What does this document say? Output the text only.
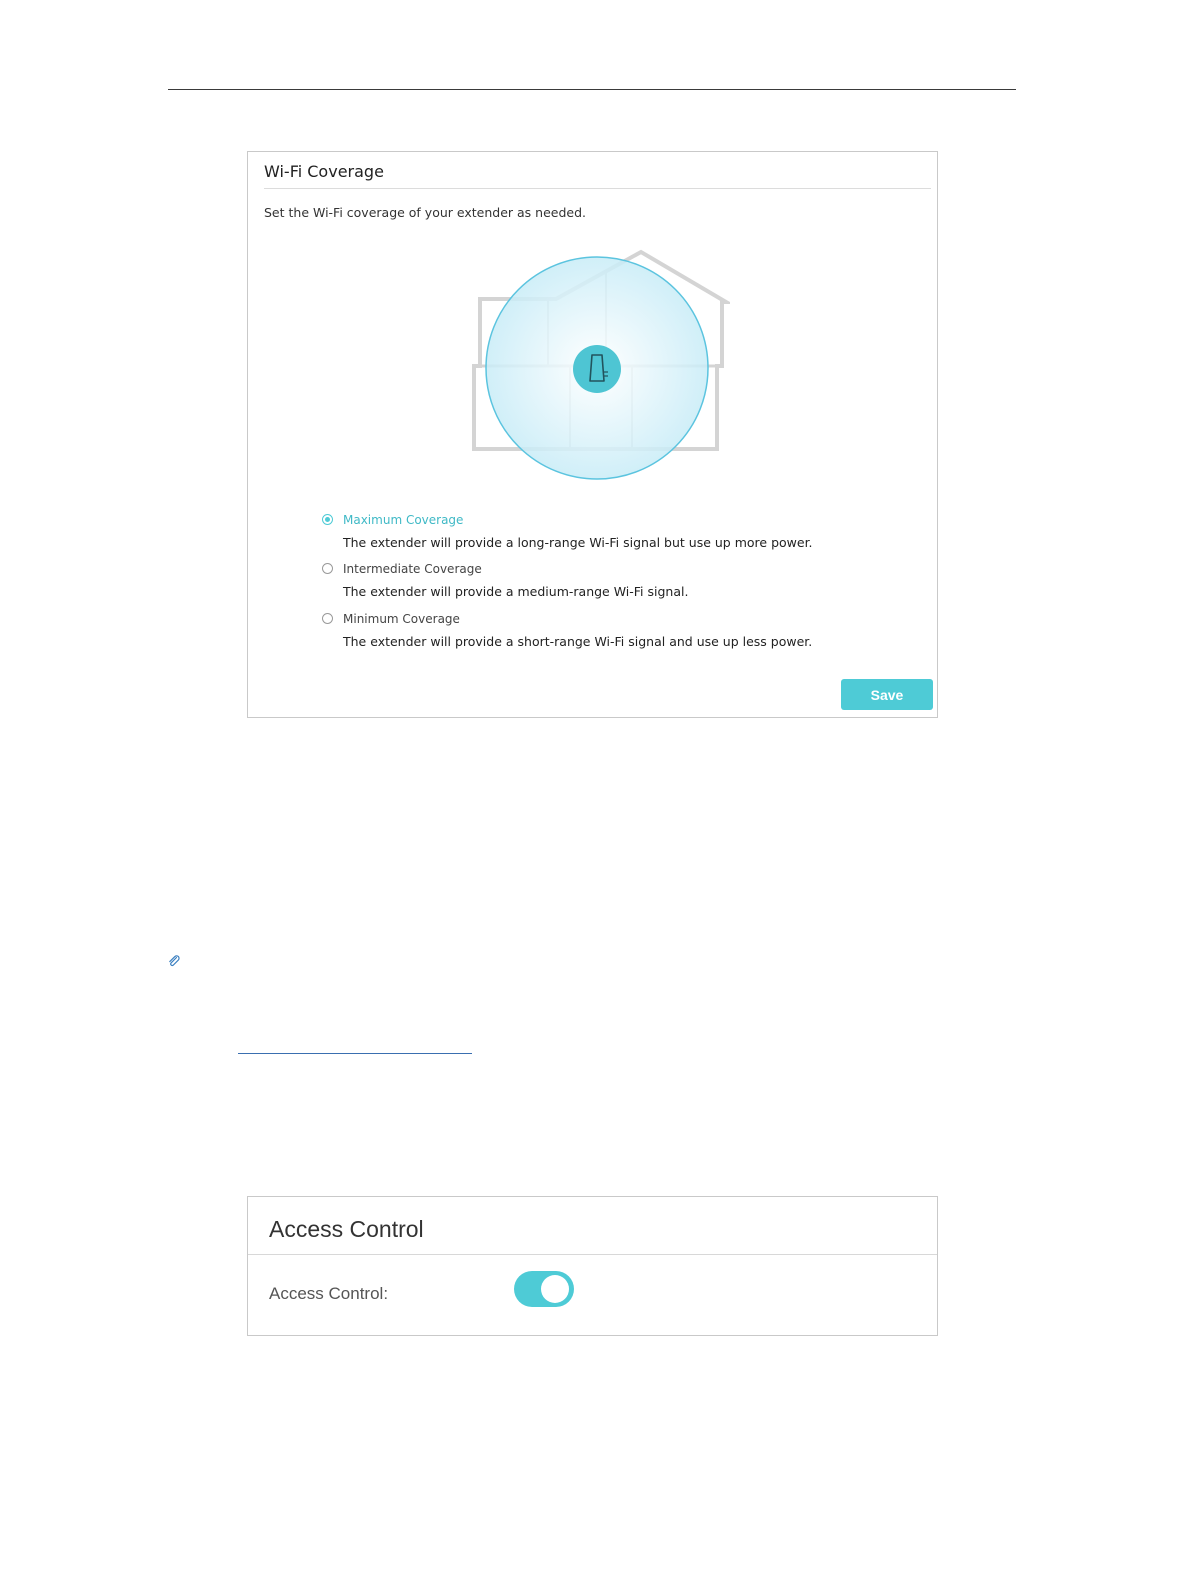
Wi-Fi Coverage
Set the Wi-Fi coverage of your extender as needed.
Maximum Coverage
The extender will provide a long-range Wi-Fi signal but use up more power.
Intermediate Coverage
The extender will provide a medium-range Wi-Fi signal.
Minimum Coverage
The extender will provide a short-range Wi-Fi signal and use up less power.
Save
Access Control
Access Control:
